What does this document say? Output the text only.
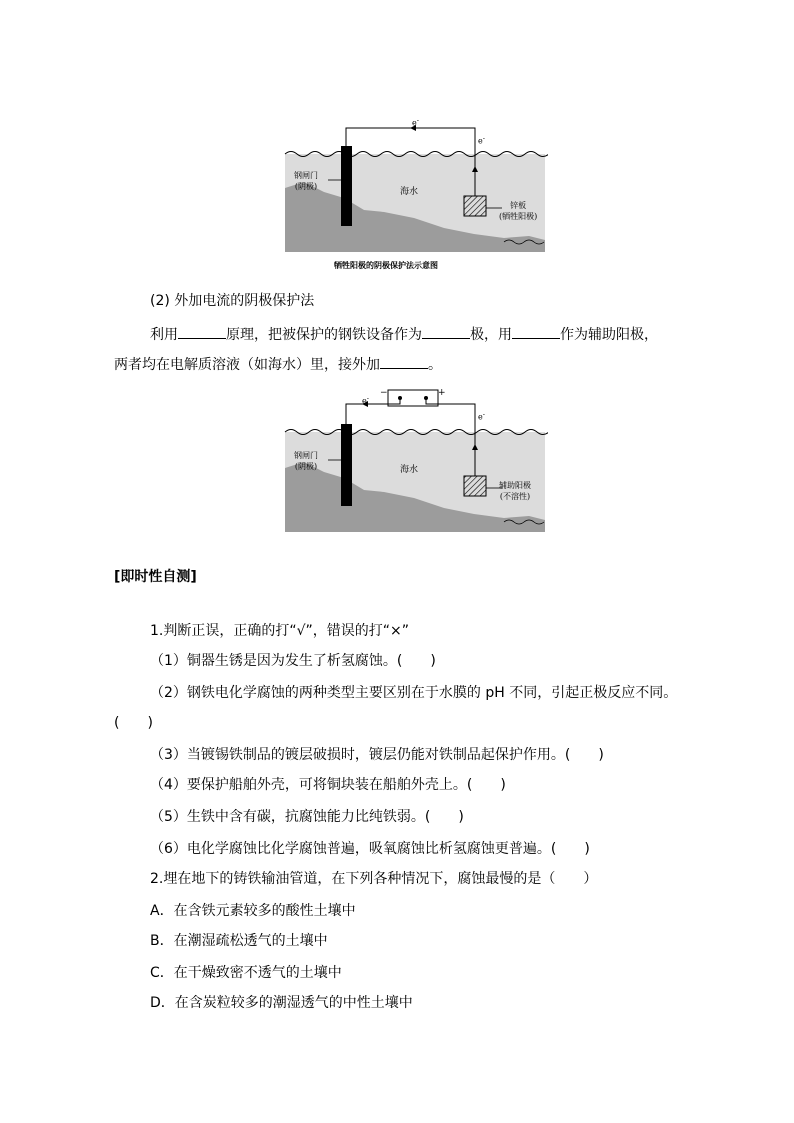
e-
e-
钢闸门
(阴极)
海水
锌板
(牺牲阳极)
牺牲阳极的阴极保护法示意图
(2) 外加电流的阴极保护法
利用	原理，把被保护的钢铁设备作为	极，用	作为辅助阳极，
两者均在电解质溶液（如海水）里，接外加	。
e- −	+
e-
钢闸门
(阴极)	海水
辅助阳极
(不溶性)
[即时性自测]
1.判断正误，正确的打“√”，错误的打“×”
（1）铜器生锈是因为发生了析氢腐蚀。(　　)
（2）钢铁电化学腐蚀的两种类型主要区别在于水膜的 pH 不同，引起正极反应不同。
(　　)
（3）当镀锡铁制品的镀层破损时，镀层仍能对铁制品起保护作用。(　　)
（4）要保护船舶外壳，可将铜块装在船舶外壳上。(　　)
（5）生铁中含有碳，抗腐蚀能力比纯铁弱。(　　)
（6）电化学腐蚀比化学腐蚀普遍，吸氧腐蚀比析氢腐蚀更普遍。(　　)
2.埋在地下的铸铁输油管道，在下列各种情况下，腐蚀最慢的是（　　）
A．在含铁元素较多的酸性土壤中
B．在潮湿疏松透气的土壤中
C．在干燥致密不透气的土壤中
D．在含炭粒较多的潮湿透气的中性土壤中
